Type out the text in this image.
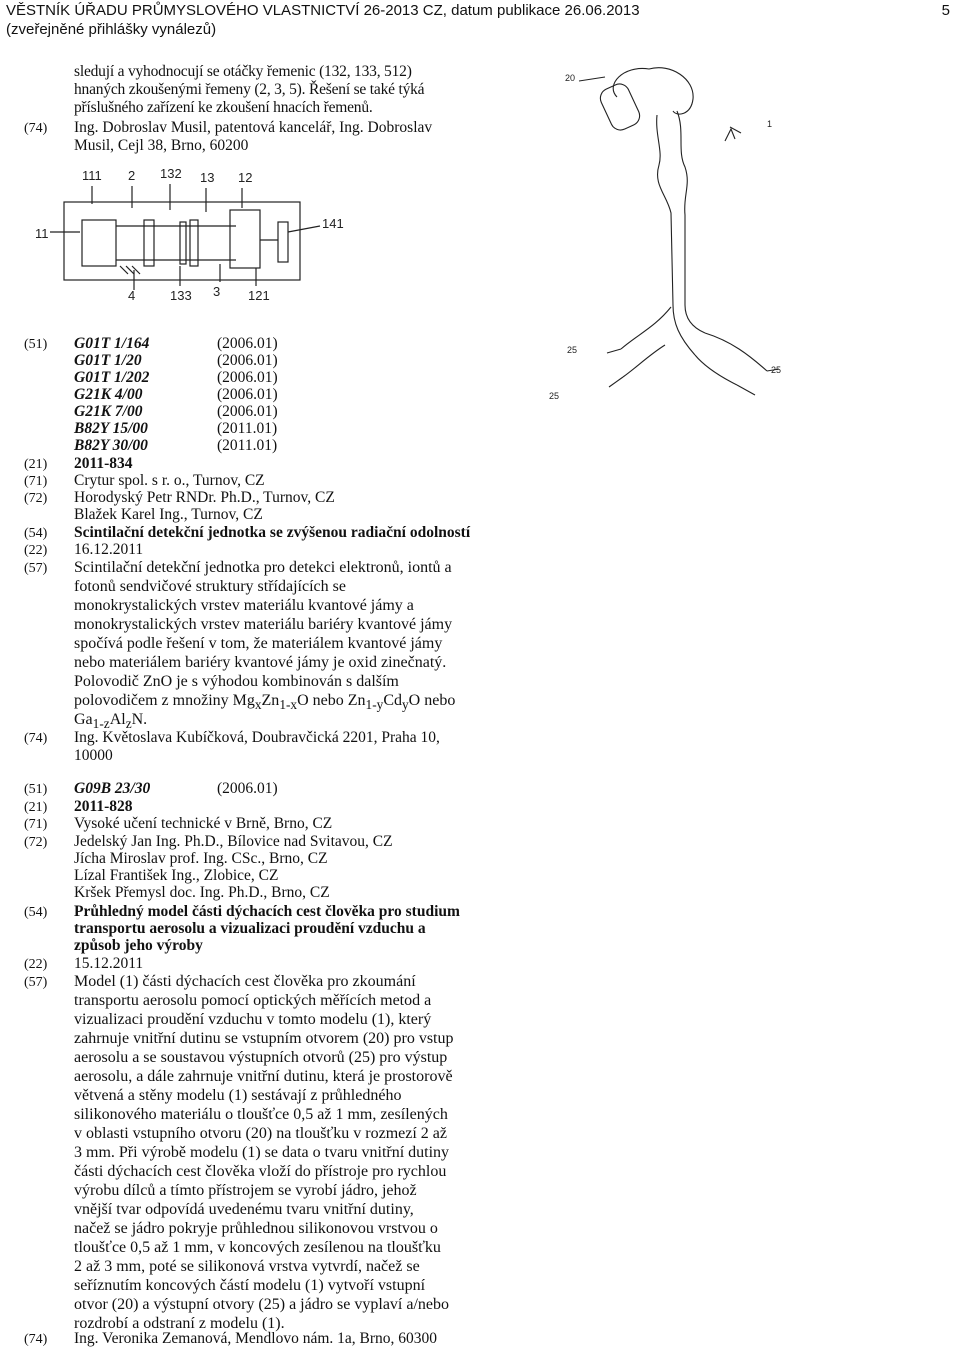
VĚSTNÍK ÚŘADU PRŮMYSLOVÉHO VLASTNICTVÍ 26-2013 CZ, datum publikace 26.06.2013
(zveřejněné přihlášky vynálezů)
5
sledují a vyhodnocují se otáčky řemenic (132, 133, 512)
hnaných zkoušenými řemeny (2, 3, 5). Řešení se také týká
příslušného zařízení ke zkoušení hnacích řemenů.
(74) Ing. Dobroslav Musil, patentová kancelář, Ing. Dobroslav
Musil, Cejl 38, Brno, 60200
111 2 132 13 12
11
141
4	133 3 121
20
1
25
25
25
(51) G01T 1/164	(2006.01)
G01T 1/20	(2006.01)
G01T 1/202	(2006.01)
G21K 4/00	(2006.01)
G21K 7/00	(2006.01)
B82Y 15/00	(2011.01)
B82Y 30/00	(2011.01)
(21) 2011-834
(71) Crytur spol. s r. o., Turnov, CZ
(72) Horodyský Petr RNDr. Ph.D., Turnov, CZ
Blažek Karel Ing., Turnov, CZ
(54) Scintilační detekční jednotka se zvýšenou radiační odolností
(22) 16.12.2011
(57) Scintilační detekční jednotka pro detekci elektronů, iontů a
fotonů sendvičové struktury střídajících se
monokrystalických vrstev materiálu kvantové jámy a
monokrystalických vrstev materiálu bariéry kvantové jámy
spočívá podle řešení v tom, že materiálem kvantové jámy
nebo materiálem bariéry kvantové jámy je oxid zinečnatý.
Polovodič ZnO je s výhodou kombinován s dalším
polovodičem z množiny $Mg_xZn_{1-x}O$ nebo $Zn_{1-y}Cd_yO$ nebo
$Ga_{1-z}Al_zN$.
(74) Ing. Květoslava Kubíčková, Doubravčická 2201, Praha 10,
10000
(51) G09B 23/30	(2006.01)
(21) 2011-828
(71) Vysoké učení technické v Brně, Brno, CZ
(72) Jedelský Jan Ing. Ph.D., Bílovice nad Svitavou, CZ
Jícha Miroslav prof. Ing. CSc., Brno, CZ
Lízal František Ing., Zlobice, CZ
Kršek Přemysl doc. Ing. Ph.D., Brno, CZ
(54) Průhledný model části dýchacích cest člověka pro studium
transportu aerosolu a vizualizaci proudění vzduchu a
způsob jeho výroby
(22) 15.12.2011
(57) Model (1) části dýchacích cest člověka pro zkoumání
transportu aerosolu pomocí optických měřících metod a
vizualizaci proudění vzduchu v tomto modelu (1), který
zahrnuje vnitřní dutinu se vstupním otvorem (20) pro vstup
aerosolu a se soustavou výstupních otvorů (25) pro výstup
aerosolu, a dále zahrnuje vnitřní dutinu, která je prostorově
větvená a stěny modelu (1) sestávají z průhledného
silikonového materiálu o tloušťce 0,5 až 1 mm, zesílených
v oblasti vstupního otvoru (20) na tloušťku v rozmezí 2 až
3 mm. Při výrobě modelu (1) se data o tvaru vnitřní dutiny
části dýchacích cest člověka vloží do přístroje pro rychlou
výrobu dílců a tímto přístrojem se vyrobí jádro, jehož
vnější tvar odpovídá uvedenému tvaru vnitřní dutiny,
načež se jádro pokryje průhlednou silikonovou vrstvou o
tloušťce 0,5 až 1 mm, v koncových zesílenou na tloušťku
2 až 3 mm, poté se silikonová vrstva vytvrdí, načež se
seříznutím koncových částí modelu (1) vytvoří vstupní
otvor (20) a výstupní otvory (25) a jádro se vyplaví a/nebo
rozdrobí a odstraní z modelu (1).
(74) Ing. Veronika Zemanová, Mendlovo nám. 1a, Brno, 60300
